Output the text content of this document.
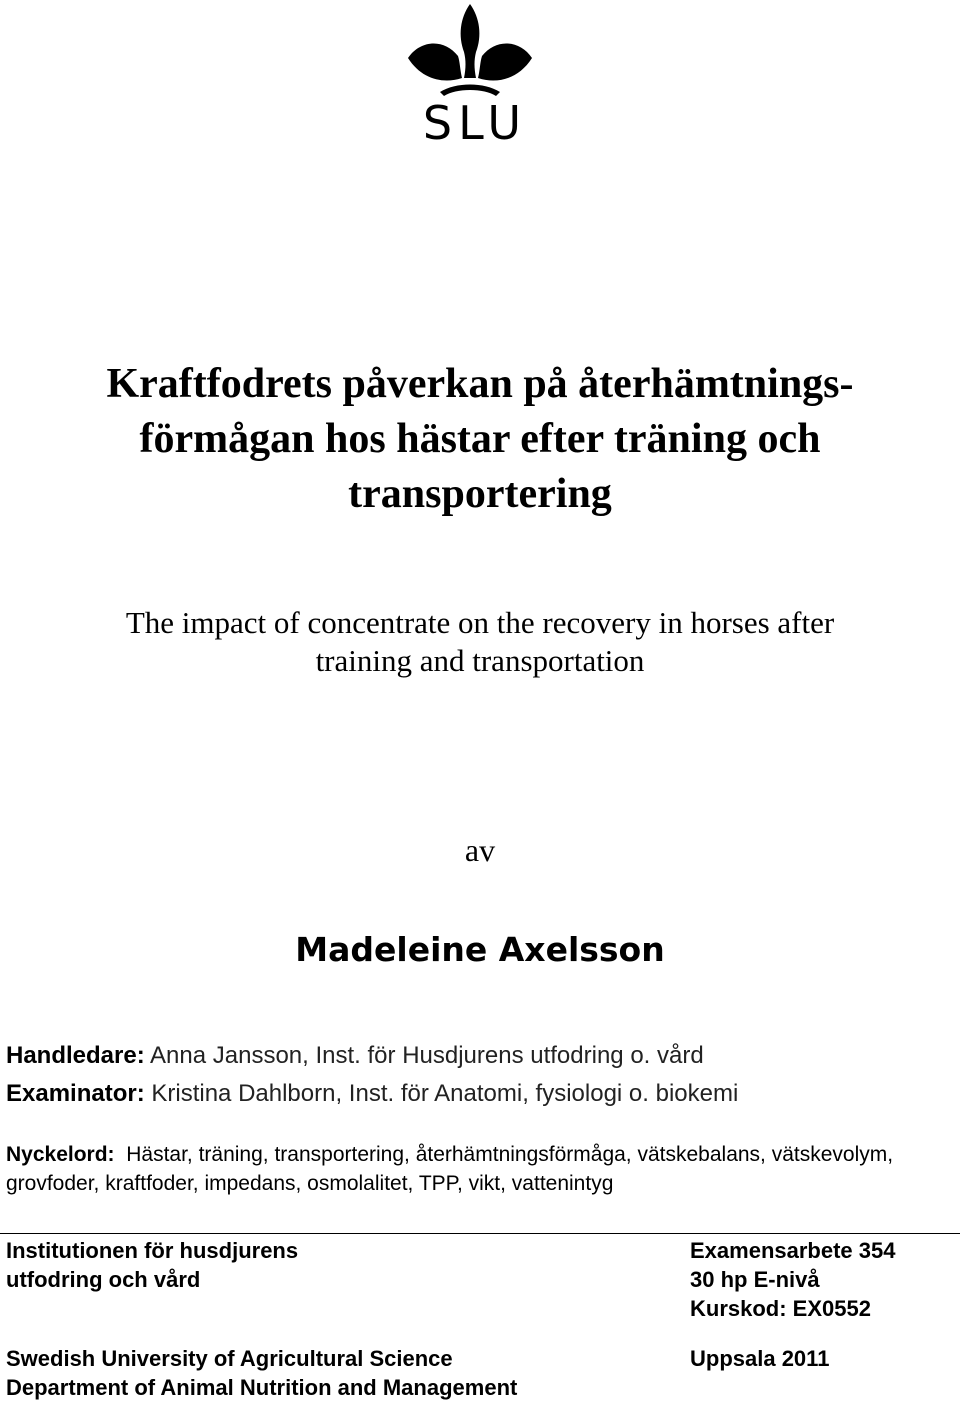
SLU
Kraftfodrets påverkan på återhämtnings-
förmågan hos hästar efter träning och
transportering
The impact of concentrate on the recovery in horses after
training and transportation
av
Madeleine Axelsson
Handledare: Anna Jansson, Inst. för Husdjurens utfodring o. vård
Examinator: Kristina Dahlborn, Inst. för Anatomi, fysiologi o. biokemi
Nyckelord: Hästar, träning, transportering, återhämtningsförmåga, vätskebalans, vätskevolym, grovfoder, kraftfoder, impedans, osmolalitet, TPP, vikt, vattenintyg
Institutionen för husdjurens
utfodring och vård
Examensarbete 354
30 hp E-nivå
Kurskod: EX0552
Swedish University of Agricultural Science
Department of Animal Nutrition and Management
Uppsala 2011
